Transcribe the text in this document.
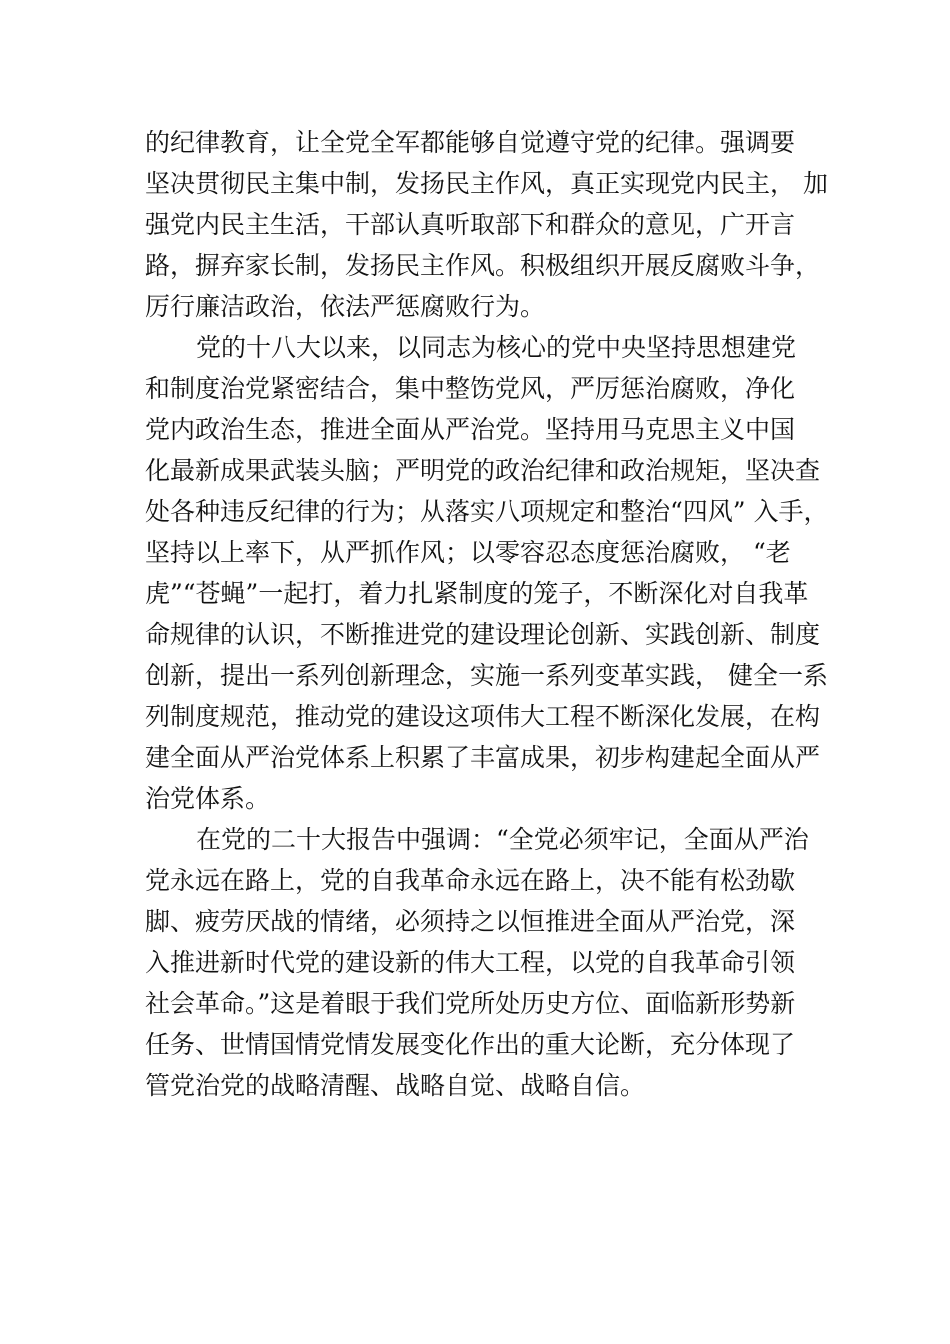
的纪律教育，让全党全军都能够自觉遵守党的纪律。强调要
坚决贯彻民主集中制，发扬民主作风，真正实现党内民主， 加
强党内民主生活，干部认真听取部下和群众的意见，广开言
路，摒弃家长制，发扬民主作风。积极组织开展反腐败斗争，
厉行廉洁政治，依法严惩腐败行为。
党的十八大以来，以同志为核心的党中央坚持思想建党
和制度治党紧密结合，集中整饬党风，严厉惩治腐败，净化
党内政治生态，推进全面从严治党。坚持用马克思主义中国
化最新成果武装头脑；严明党的政治纪律和政治规矩，坚决查
处各种违反纪律的行为；从落实八项规定和整治“四风” 入手，
坚持以上率下，从严抓作风；以零容忍态度惩治腐败， “老
虎”“苍蝇”一起打，着力扎紧制度的笼子，不断深化对自我革
命规律的认识，不断推进党的建设理论创新、实践创新、制度
创新，提出一系列创新理念，实施一系列变革实践， 健全一系
列制度规范，推动党的建设这项伟大工程不断深化发展，在构
建全面从严治党体系上积累了丰富成果，初步构建起全面从严
治党体系。
在党的二十大报告中强调：“全党必须牢记，全面从严治
党永远在路上，党的自我革命永远在路上，决不能有松劲歇
脚、疲劳厌战的情绪，必须持之以恒推进全面从严治党，深
入推进新时代党的建设新的伟大工程，以党的自我革命引领
社会革命。”这是着眼于我们党所处历史方位、面临新形势新
任务、世情国情党情发展变化作出的重大论断，充分体现了
管党治党的战略清醒、战略自觉、战略自信。
